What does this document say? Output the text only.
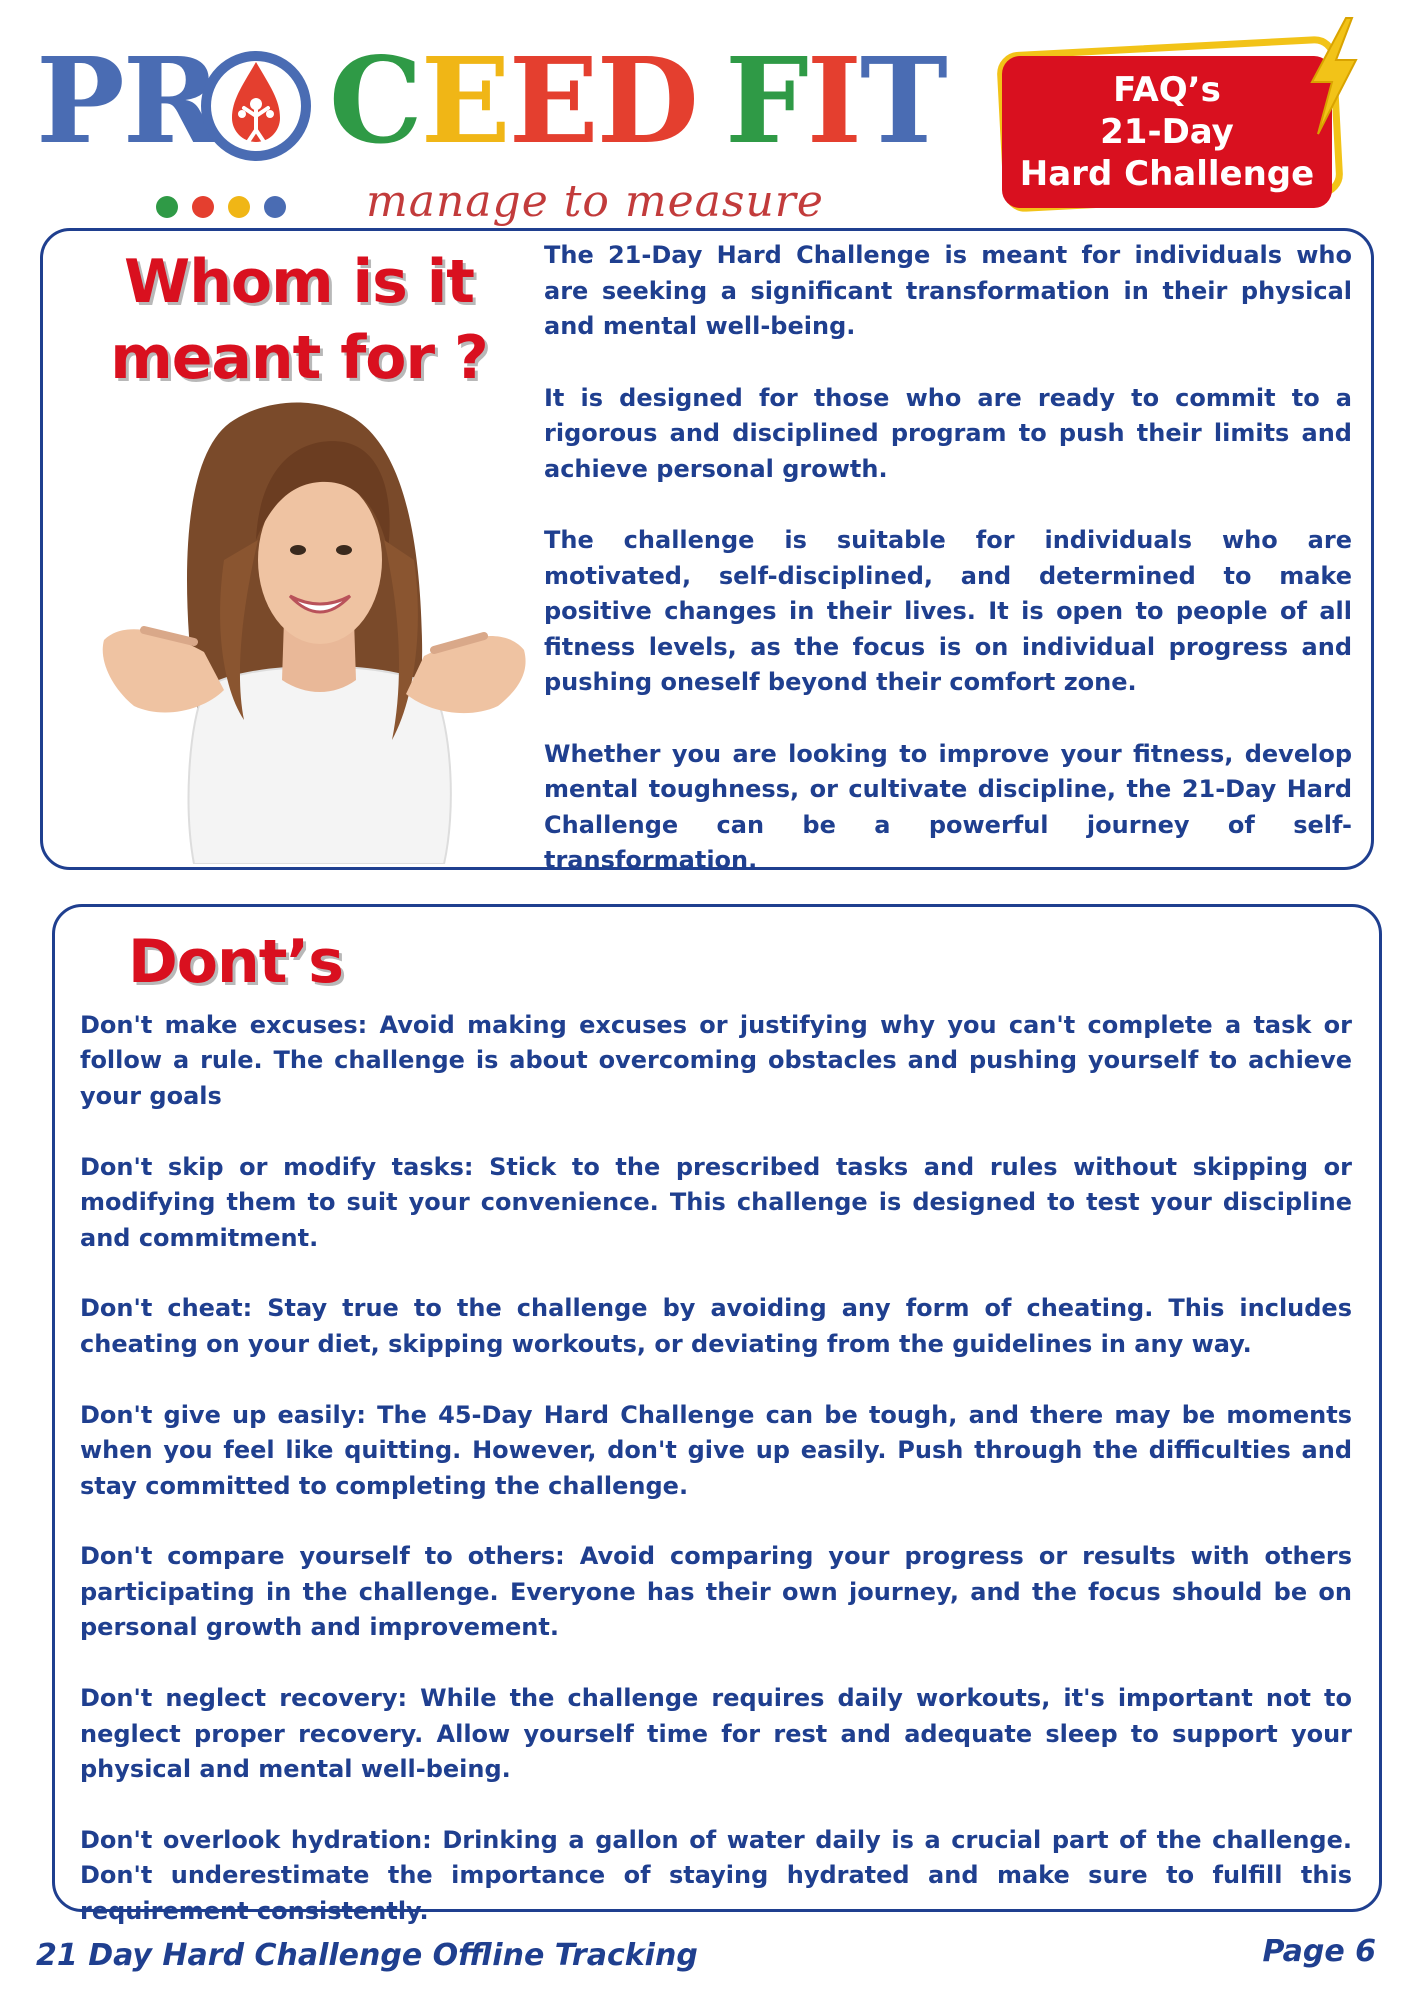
PR CEED FIT
manage to measure
FAQ’s
21-Day
Hard Challenge
Whom is it
meant for ?

The 21-Day Hard Challenge is meant for individuals who are seeking a significant transformation in their physical and mental well-being.

It is designed for those who are ready to commit to a rigorous and disciplined program to push their limits and achieve personal growth.

The challenge is suitable for individuals who are motivated, self-disciplined, and determined to make positive changes in their lives. It is open to people of all fitness levels, as the focus is on individual progress and pushing oneself beyond their comfort zone.

Whether you are looking to improve your fitness, develop mental toughness, or cultivate discipline, the 21-Day Hard Challenge can be a powerful journey of self-transformation.

Dont’s

Don't make excuses: Avoid making excuses or justifying why you can't complete a task or follow a rule. The challenge is about overcoming obstacles and pushing yourself to achieve your goals

Don't skip or modify tasks: Stick to the prescribed tasks and rules without skipping or modifying them to suit your convenience. This challenge is designed to test your discipline and commitment.

Don't cheat: Stay true to the challenge by avoiding any form of cheating. This includes cheating on your diet, skipping workouts, or deviating from the guidelines in any way.

Don't give up easily: The 45-Day Hard Challenge can be tough, and there may be moments when you feel like quitting. However, don't give up easily. Push through the difficulties and stay committed to completing the challenge.

Don't compare yourself to others: Avoid comparing your progress or results with others participating in the challenge. Everyone has their own journey, and the focus should be on personal growth and improvement.

Don't neglect recovery: While the challenge requires daily workouts, it's important not to neglect proper recovery. Allow yourself time for rest and adequate sleep to support your physical and mental well-being.

Don't overlook hydration: Drinking a gallon of water daily is a crucial part of the challenge. Don't underestimate the importance of staying hydrated and make sure to fulfill this requirement consistently.

21 Day Hard Challenge Offline Tracking	Page 6
